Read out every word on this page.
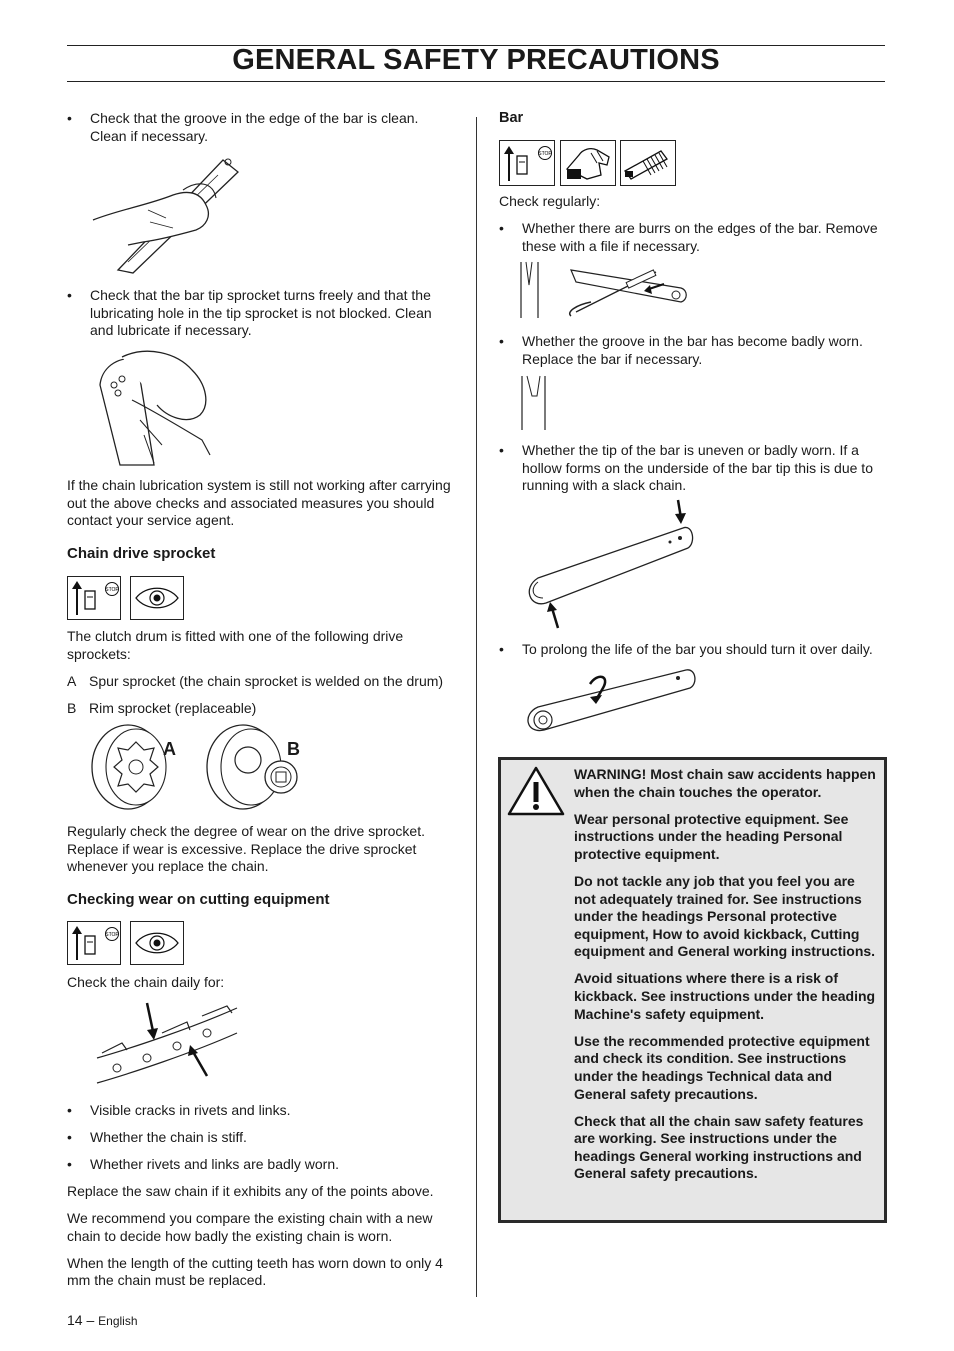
GENERAL SAFETY PRECAUTIONS
• Check that the groove in the edge of the bar is clean. Clean if necessary.
• Check that the bar tip sprocket turns freely and that the lubricating hole in the tip sprocket is not blocked. Clean and lubricate if necessary.

If the chain lubrication system is still not working after carrying out the above checks and associated measures you should contact your service agent.

Chain drive sprocket
STOP

The clutch drum is fitted with one of the following drive sprockets:

A Spur sprocket (the chain sprocket is welded on the drum)
B Rim sprocket (replaceable)
A	B

Regularly check the degree of wear on the drive sprocket. Replace if wear is excessive. Replace the drive sprocket whenever you replace the chain.

Checking wear on cutting equipment
STOP
Check the chain daily for:
• Visible cracks in rivets and links.
• Whether the chain is stiff.
• Whether rivets and links are badly worn.

Replace the saw chain if it exhibits any of the points above.

We recommend you compare the existing chain with a new chain to decide how badly the existing chain is worn.

When the length of the cutting teeth has worn down to only 4 mm the chain must be replaced.

14 – English
Bar
STOP
Check regularly:
• Whether there are burrs on the edges of the bar. Remove these with a file if necessary.
• Whether the groove in the bar has become badly worn. Replace the bar if necessary.
• Whether the tip of the bar is uneven or badly worn. If a hollow forms on the underside of the bar tip this is due to running with a slack chain.
• To prolong the life of the bar you should turn it over daily.

WARNING! Most chain saw accidents happen when the chain touches the operator.

Wear personal protective equipment. See instructions under the heading Personal protective equipment.

Do not tackle any job that you feel you are not adequately trained for. See instructions under the headings Personal protective equipment, How to avoid kickback, Cutting equipment and General working instructions.

Avoid situations where there is a risk of kickback. See instructions under the heading Machine's safety equipment.

Use the recommended protective equipment and check its condition. See instructions under the headings Technical data and General safety precautions.

Check that all the chain saw safety features are working. See instructions under the headings General working instructions and General safety precautions.
